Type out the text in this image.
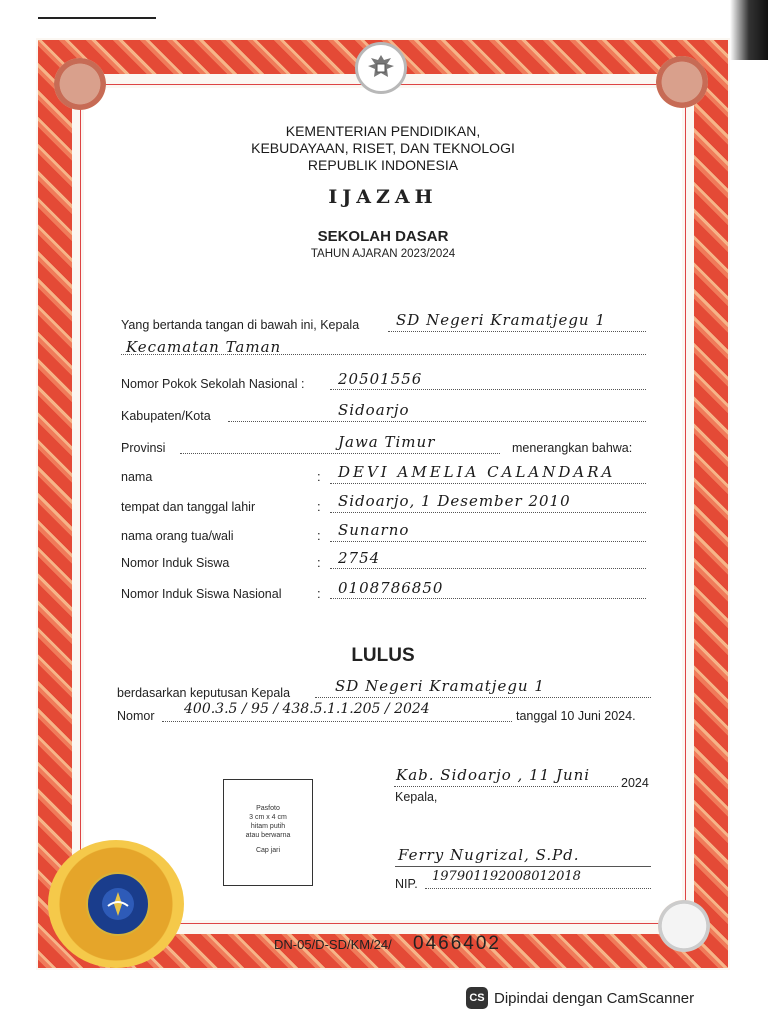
KEMENTERIAN PENDIDIKAN,
KEBUDAYAAN, RISET, DAN TEKNOLOGI
REPUBLIK INDONESIA
IJAZAH
SEKOLAH DASAR
TAHUN AJARAN 2023/2024
Yang bertanda tangan di bawah ini, Kepala SD Negeri Kramatjegu 1
Kecamatan Taman
Nomor Pokok Sekolah Nasional : 20501556
Kabupaten/Kota	Sidoarjo
Provinsi	Jawa Timur	menerangkan bahwa:
nama	: DEVI AMELIA CALANDARA
tempat dan tanggal lahir	: Sidoarjo, 1 Desember 2010
nama orang tua/wali	: Sunarno
Nomor Induk Siswa	: 2754
Nomor Induk Siswa Nasional	: 0108786850
LULUS
berdasarkan keputusan Kepala	SD Negeri Kramatjegu 1
Nomor 400.3.5 / 95 / 438.5.1.1.205 / 2024	tanggal 10 Juni 2024.
Pasfoto
3 cm x 4 cm
hitam putih
atau berwarna
Cap jari
Kab. Sidoarjo , 11 Juni 2024
Kepala,
Ferry Nugrizal, S.Pd.
NIP. 197901192008012018
DN-05/D-SD/KM/24/ 0466402
CS Dipindai dengan CamScanner
